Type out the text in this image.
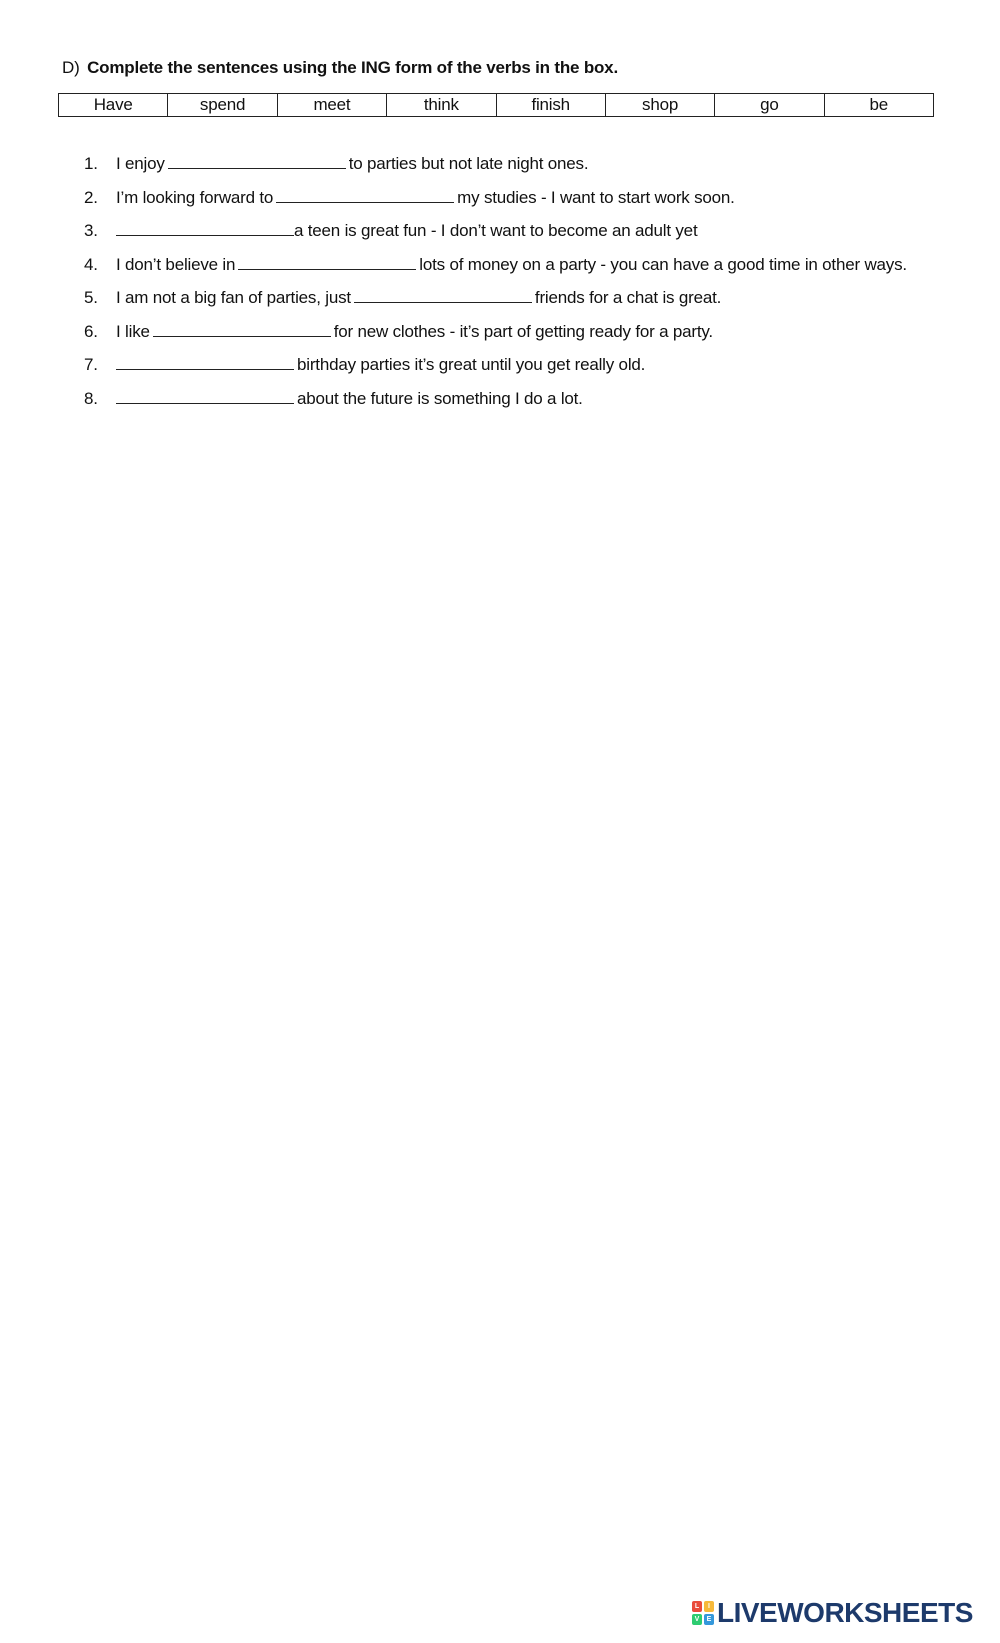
D) Complete the sentences using the ING form of the verbs in the box.
Have	spend	meet	think	finish	shop	go	be
1. I enjoy	to parties but not late night ones.
2. I’m looking forward to	my studies - I want to start work soon.
3.	a teen is great fun - I don’t want to become an adult yet
4. I don’t believe in	lots of money on a party - you can have a good time in other ways.
5. I am not a big fan of parties, just	friends for a chat is great.
6. I like	for new clothes - it’s part of getting ready for a party.
7.	birthday parties it’s great until you get really old.
8.	about the future is something I do a lot.
L	I
V	E LIVEWORKSHEETS
